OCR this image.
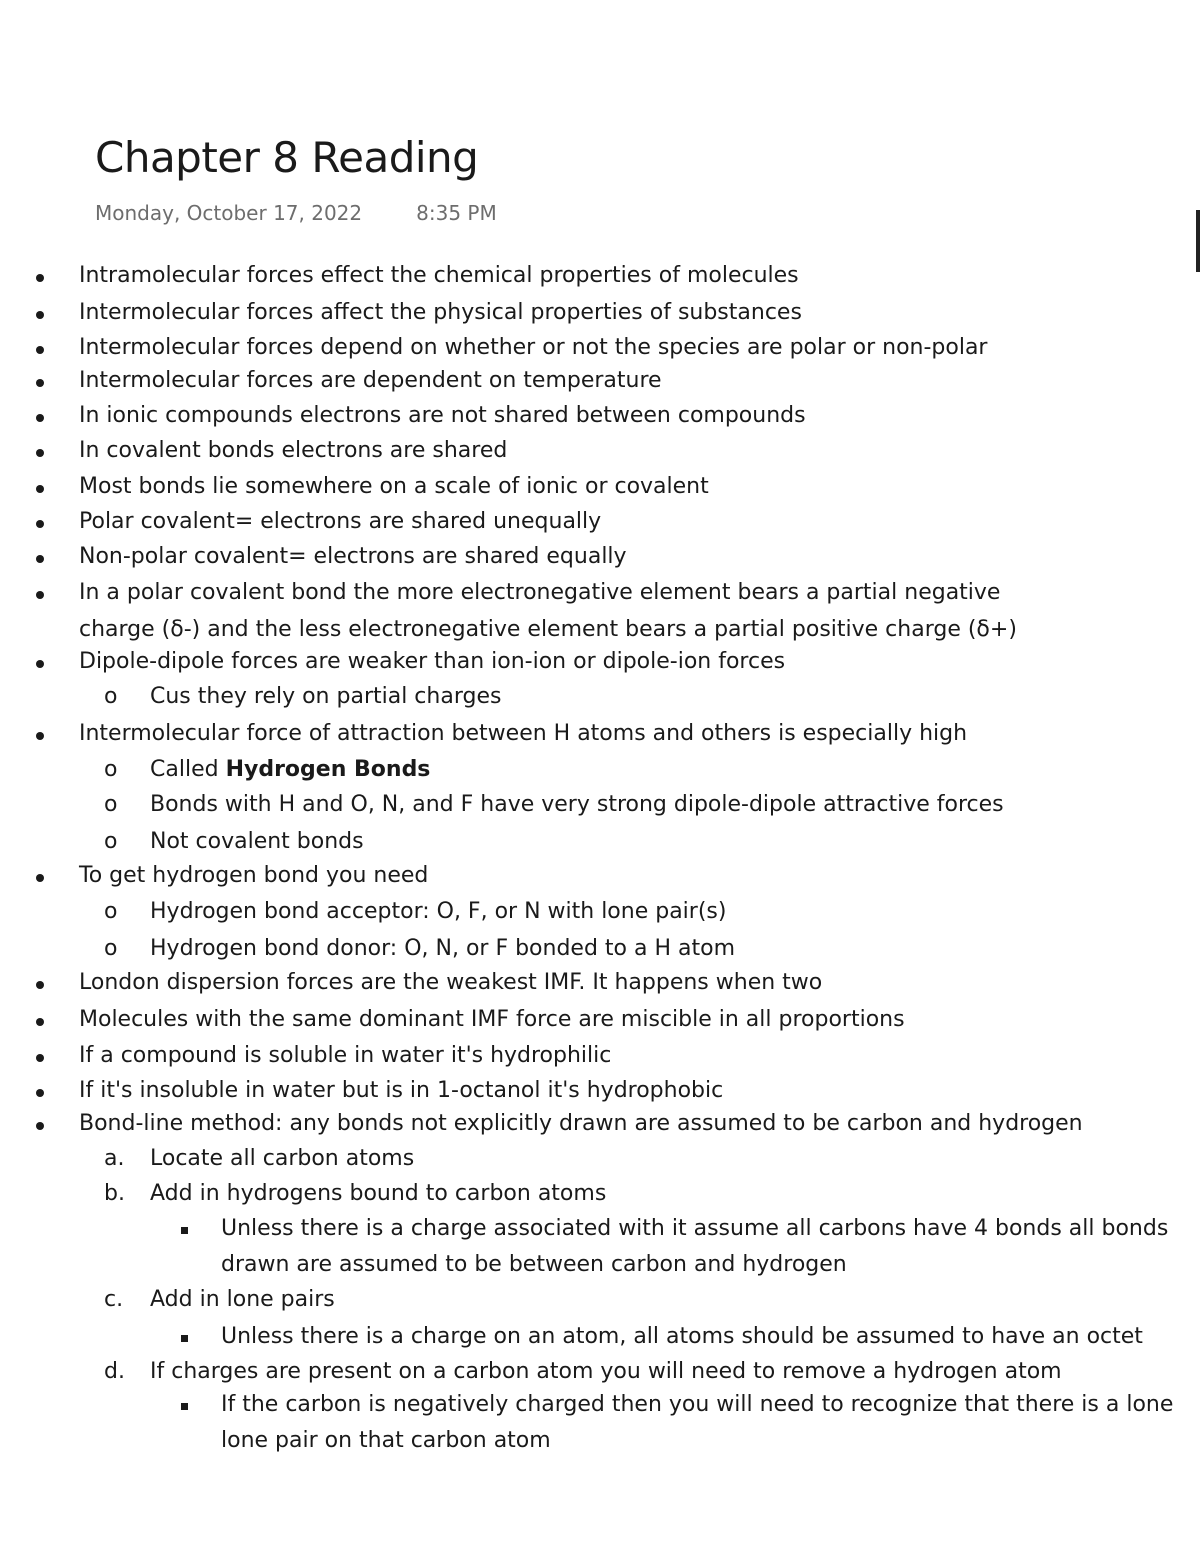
Chapter 8 Reading
Monday, October 17, 2022	8:35 PM
Intramolecular forces effect the chemical properties of molecules
Intermolecular forces affect the physical properties of substances
Intermolecular forces depend on whether or not the species are polar or non-polar
Intermolecular forces are dependent on temperature
In ionic compounds electrons are not shared between compounds
In covalent bonds electrons are shared
Most bonds lie somewhere on a scale of ionic or covalent
Polar covalent= electrons are shared unequally
Non-polar covalent= electrons are shared equally
In a polar covalent bond the more electronegative element bears a partial negative
charge (δ-) and the less electronegative element bears a partial positive charge (δ+)
Dipole-dipole forces are weaker than ion-ion or dipole-ion forces
o Cus they rely on partial charges
Intermolecular force of attraction between H atoms and others is especially high
o Called Hydrogen Bonds
o Bonds with H and O, N, and F have very strong dipole-dipole attractive forces
o Not covalent bonds
To get hydrogen bond you need
o Hydrogen bond acceptor: O, F, or N with lone pair(s)
o Hydrogen bond donor: O, N, or F bonded to a H atom
London dispersion forces are the weakest IMF. It happens when two
Molecules with the same dominant IMF force are miscible in all proportions
If a compound is soluble in water it's hydrophilic
If it's insoluble in water but is in 1-octanol it's hydrophobic
Bond-line method: any bonds not explicitly drawn are assumed to be carbon and hydrogen
a. Locate all carbon atoms
b. Add in hydrogens bound to carbon atoms
Unless there is a charge associated with it assume all carbons have 4 bonds all bonds
drawn are assumed to be between carbon and hydrogen
c. Add in lone pairs
Unless there is a charge on an atom, all atoms should be assumed to have an octet
d. If charges are present on a carbon atom you will need to remove a hydrogen atom
If the carbon is negatively charged then you will need to recognize that there is a lone
lone pair on that carbon atom
